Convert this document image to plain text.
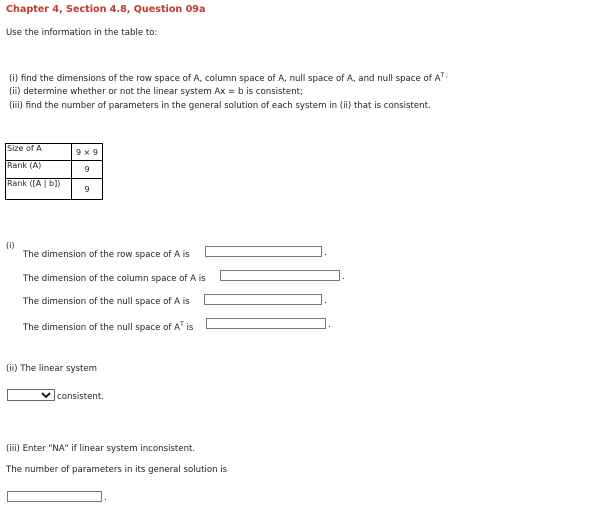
Chapter 4, Section 4.8, Question 09a
Use the information in the table to:
(i) find the dimensions of the row space of A, column space of A, null space of A, and null space of $A^{T ;}$
(ii) determine whether or not the linear system Ax = b is consistent;
(iii) find the number of parameters in the general solution of each system in (ii) that is consistent.
Size of A	9 × 9
Rank (A)	9
Rank ([A | b])	9
(i)
The dimension of the row space of A is	.
The dimension of the column space of A is	.
The dimension of the null space of A is	.
The dimension of the null space of $A^T$ is	.
(ii) The linear system
consistent.
(iii) Enter "NA" if linear system inconsistent.
The number of parameters in its general solution is
.
